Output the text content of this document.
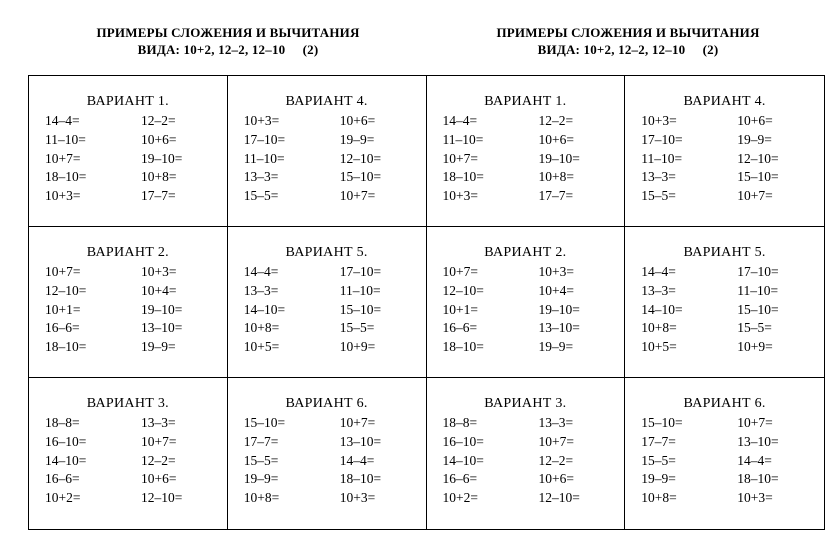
ПРИМЕРЫ СЛОЖЕНИЯ И ВЫЧИТАНИЯ
ВИДА: 10+2, 12–2, 12–10     (2)
ПРИМЕРЫ СЛОЖЕНИЯ И ВЫЧИТАНИЯ
ВИДА: 10+2, 12–2, 12–10     (2)
ВАРИАНТ 1.
14–4=	12–2=
11–10=	10+6=
10+7=	19–10=
18–10=	10+8=
10+3=	17–7=
ВАРИАНТ 4.
10+3=	10+6=
17–10=	19–9=
11–10=	12–10=
13–3=	15–10=
15–5=	10+7=
ВАРИАНТ 1.
14–4=	12–2=
11–10=	10+6=
10+7=	19–10=
18–10=	10+8=
10+3=	17–7=
ВАРИАНТ 4.
10+3=	10+6=
17–10=	19–9=
11–10=	12–10=
13–3=	15–10=
15–5=	10+7=
ВАРИАНТ 2.
10+7=	10+3=
12–10=	10+4=
10+1=	19–10=
16–6=	13–10=
18–10=	19–9=
ВАРИАНТ 5.
14–4=	17–10=
13–3=	11–10=
14–10=	15–10=
10+8=	15–5=
10+5=	10+9=
ВАРИАНТ 2.
10+7=	10+3=
12–10=	10+4=
10+1=	19–10=
16–6=	13–10=
18–10=	19–9=
ВАРИАНТ 5.
14–4=	17–10=
13–3=	11–10=
14–10=	15–10=
10+8=	15–5=
10+5=	10+9=
ВАРИАНТ 3.
18–8=	13–3=
16–10=	10+7=
14–10=	12–2=
16–6=	10+6=
10+2=	12–10=
ВАРИАНТ 6.
15–10=	10+7=
17–7=	13–10=
15–5=	14–4=
19–9=	18–10=
10+8=	10+3=
ВАРИАНТ 3.
18–8=	13–3=
16–10=	10+7=
14–10=	12–2=
16–6=	10+6=
10+2=	12–10=
ВАРИАНТ 6.
15–10=	10+7=
17–7=	13–10=
15–5=	14–4=
19–9=	18–10=
10+8=	10+3=
